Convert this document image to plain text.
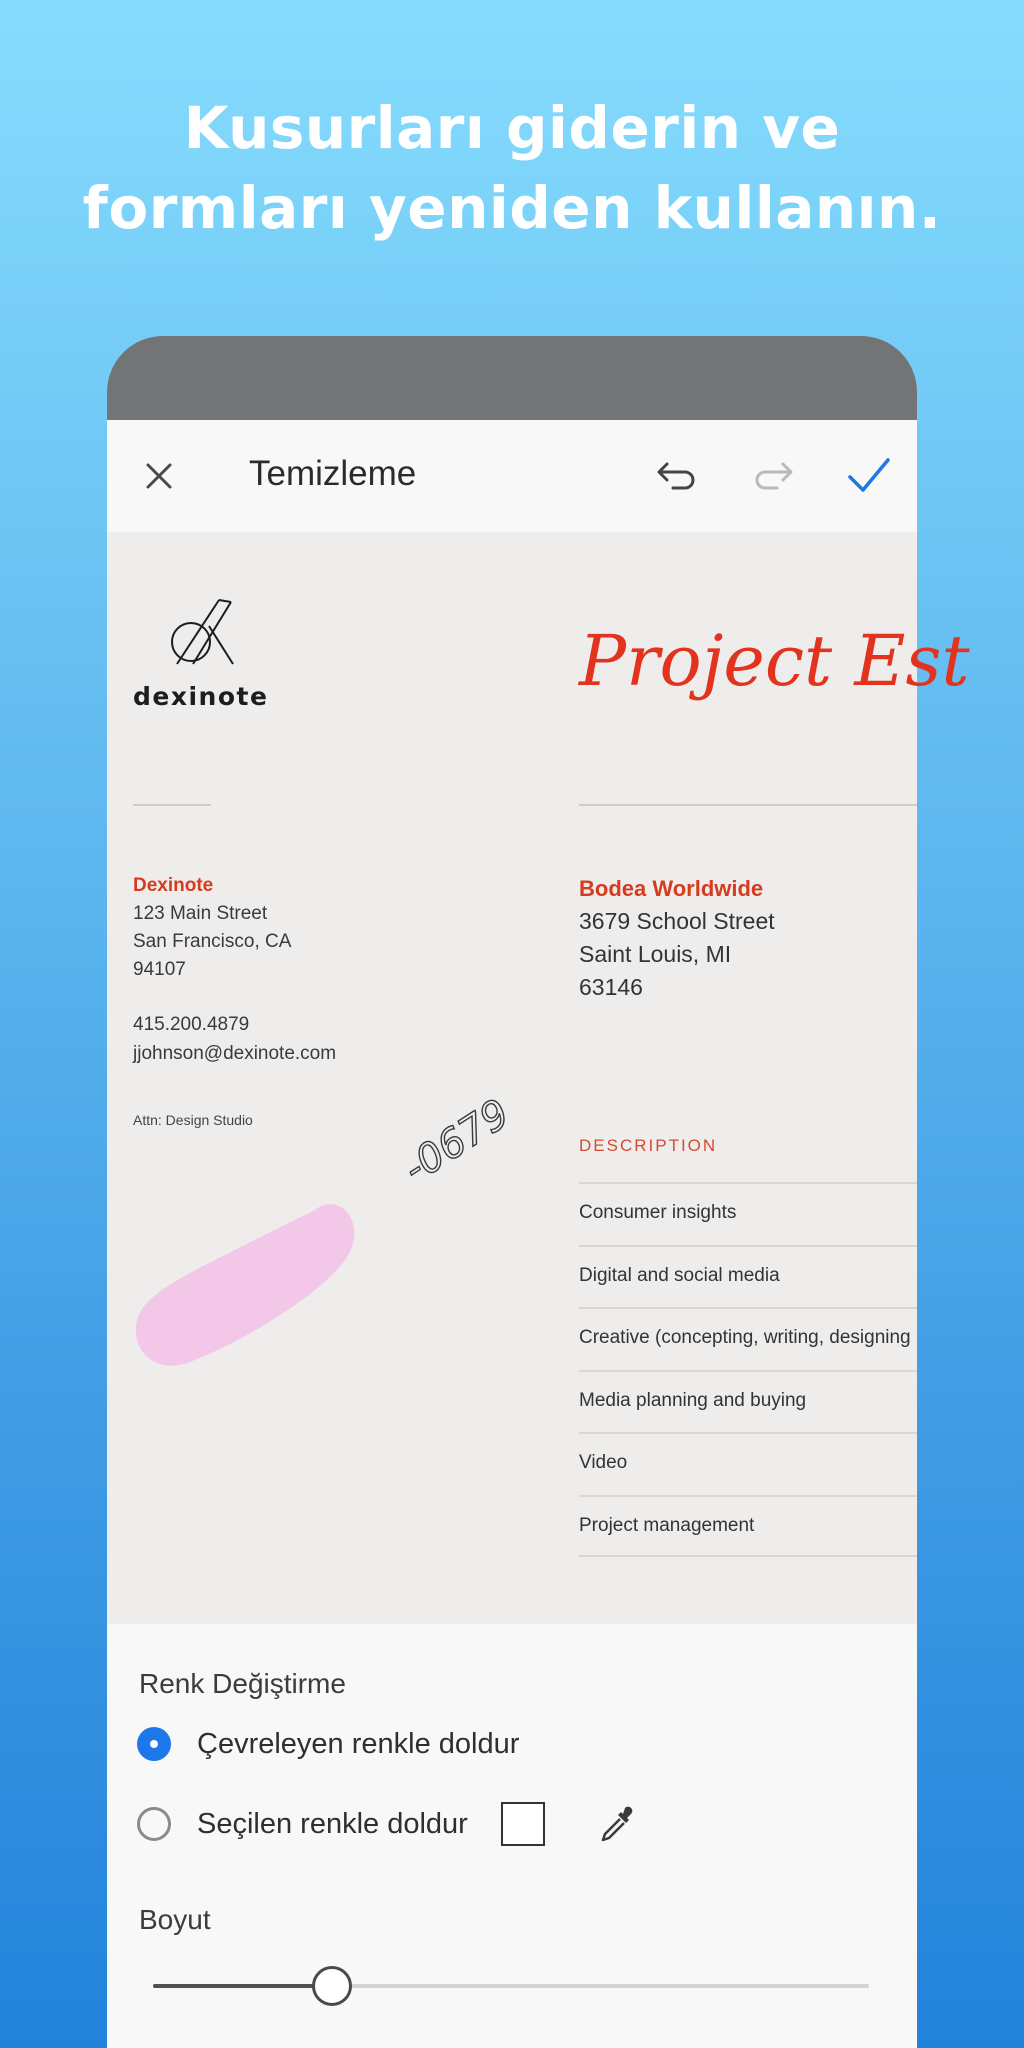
Kusurları giderin ve
formları yeniden kullanın.
Temizleme
dexinote	Project Est
Dexinote
123 Main Street
San Francisco, CA
94107
415.200.4879
jjohnson@dexinote.com
Attn: Design Studio
Bodea Worldwide
3679 School Street
Saint Louis, MI
63146
DESCRIPTION
Consumer insights
Digital and social media
Creative (concepting, writing, designing
Media planning and buying
Video
Project management
-0679
Renk Değiştirme
Çevreleyen renkle doldur
Seçilen renkle doldur
Boyut
